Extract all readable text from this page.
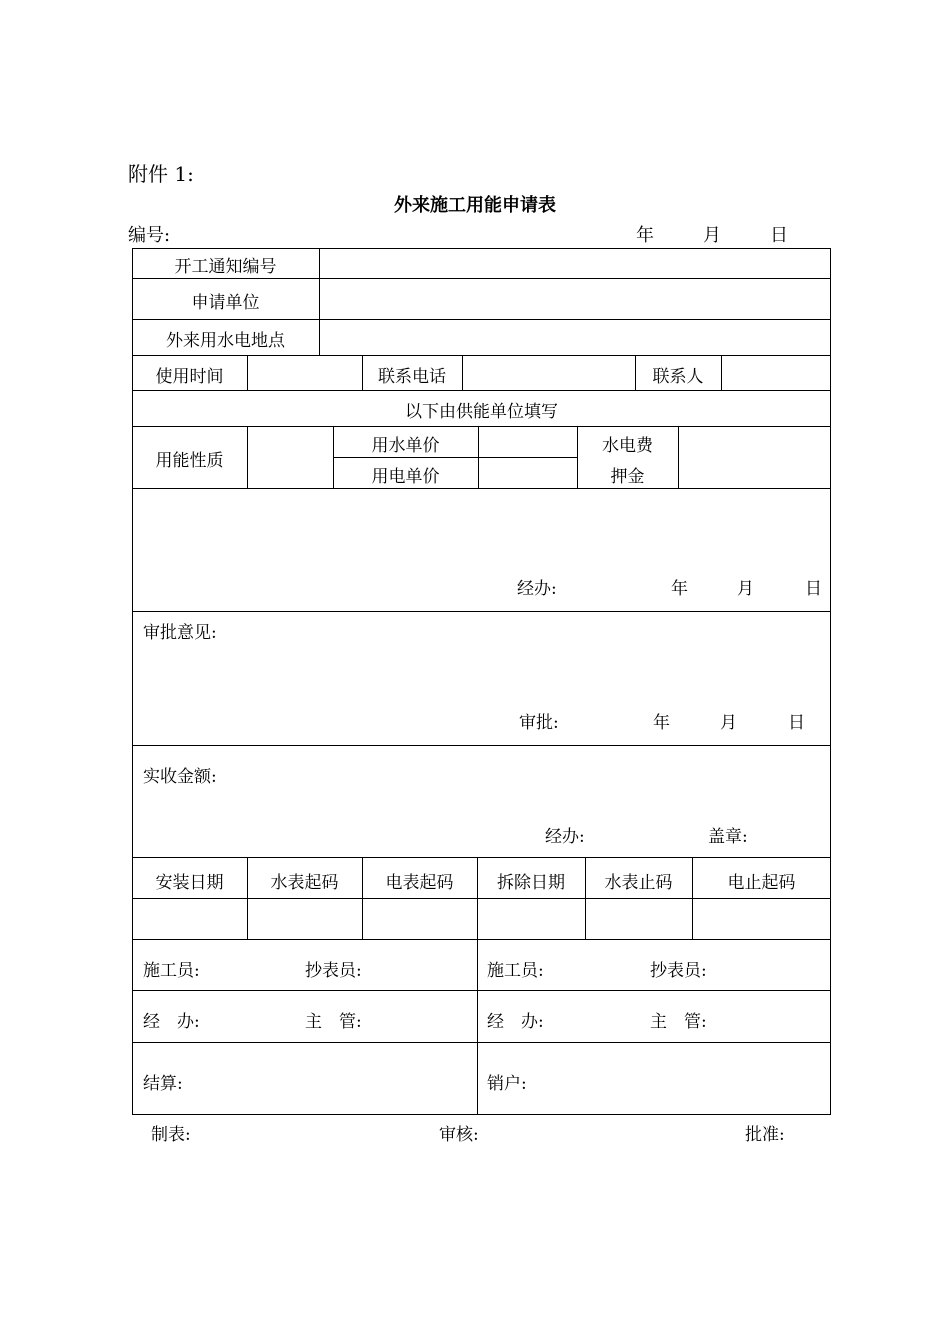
附件 1:
外来施工用能申请表
编号:	年	月	日
开工通知编号
申请单位
外来用水电地点
使用时间	联系电话	联系人
以下由供能单位填写
用能性质
用水单价
用电单价
水电费
押金
经办:	年	月	日
审批意见:
审批:	年	月	日
实收金额:
经办:	盖章:
安装日期	水表起码	电表起码	拆除日期	水表止码	电止起码
施工员:	抄表员:	施工员:	抄表员:
经　办:	主　管:	经　办:	主　管:
结算:	销户:
制表:	审核:	批准:
